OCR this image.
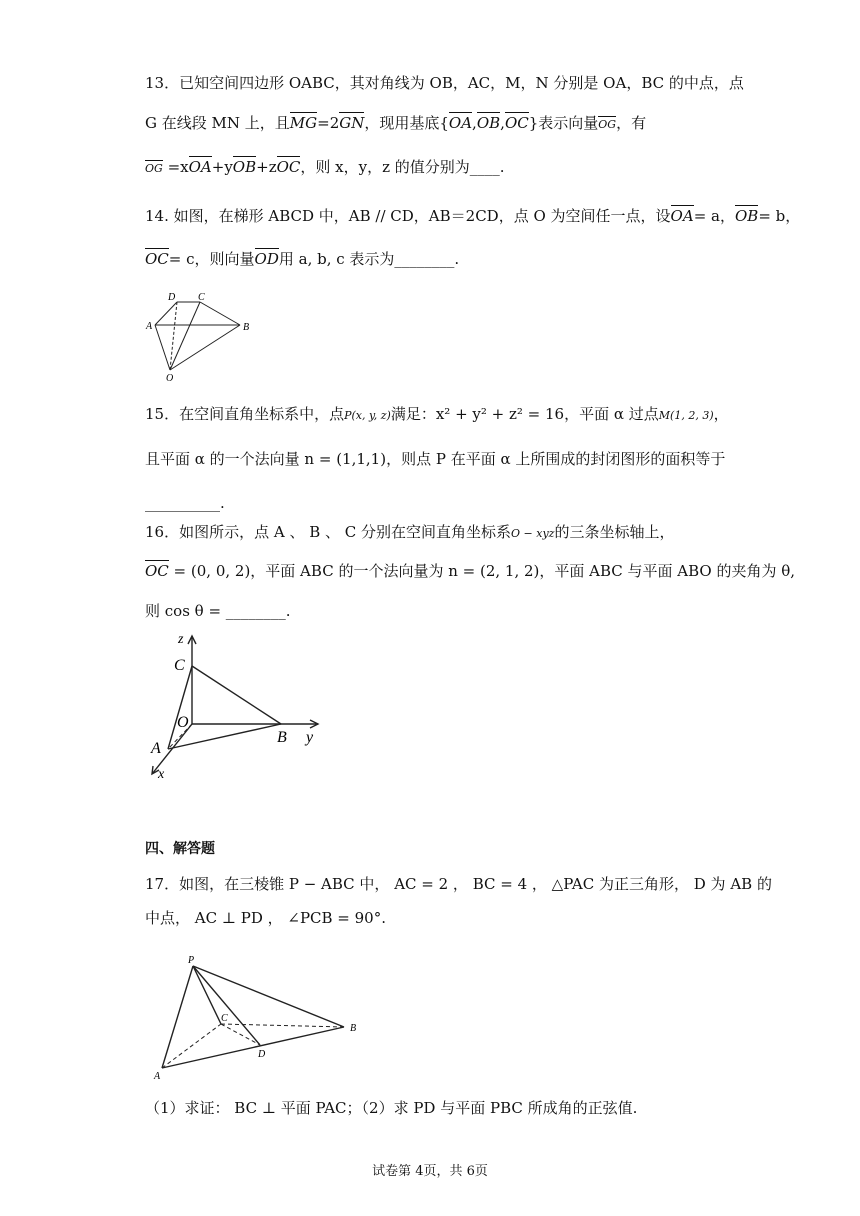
13．已知空间四边形 OABC，其对角线为 OB，AC，M，N 分别是 OA，BC 的中点，点
G 在线段 MN 上，且MG=2GN，现用基底{OA,OB,OC}表示向量OG，有
OG =xOA+yOB+zOC，则 x，y，z 的值分别为____.
14. 如图，在梯形 ABCD 中，AB // CD，AB＝2CD，点 O 为空间任一点，设OA= a，OB= b，
OC= c，则向量OD用 a, b, c 表示为________.
D C
A	B
O
15．在空间直角坐标系中，点P(x, y, z)满足：x² + y² + z² = 16，平面 α 过点M(1, 2, 3)，
且平面 α 的一个法向量 n = (1,1,1)，则点 P 在平面 α 上所围成的封闭图形的面积等于
__________.
16．如图所示，点 A 、 B 、 C 分别在空间直角坐标系O − xyz的三条坐标轴上，
OC = (0, 0, 2)，平面 ABC 的一个法向量为 n = (2, 1, 2)，平面 ABC 与平面 ABO 的夹角为 θ,
则 cos θ = ________.
z
C
O
A
B y
x
四、解答题
17．如图，在三棱锥 P − ABC 中， AC = 2 ， BC = 4 ， △PAC 为正三角形， D 为 AB 的
中点， AC ⊥ PD ， ∠PCB = 90°.
P
C
B
D
A
（1）求证： BC ⊥ 平面 PAC；（2）求 PD 与平面 PBC 所成角的正弦值.
试卷第 4页，共 6页
